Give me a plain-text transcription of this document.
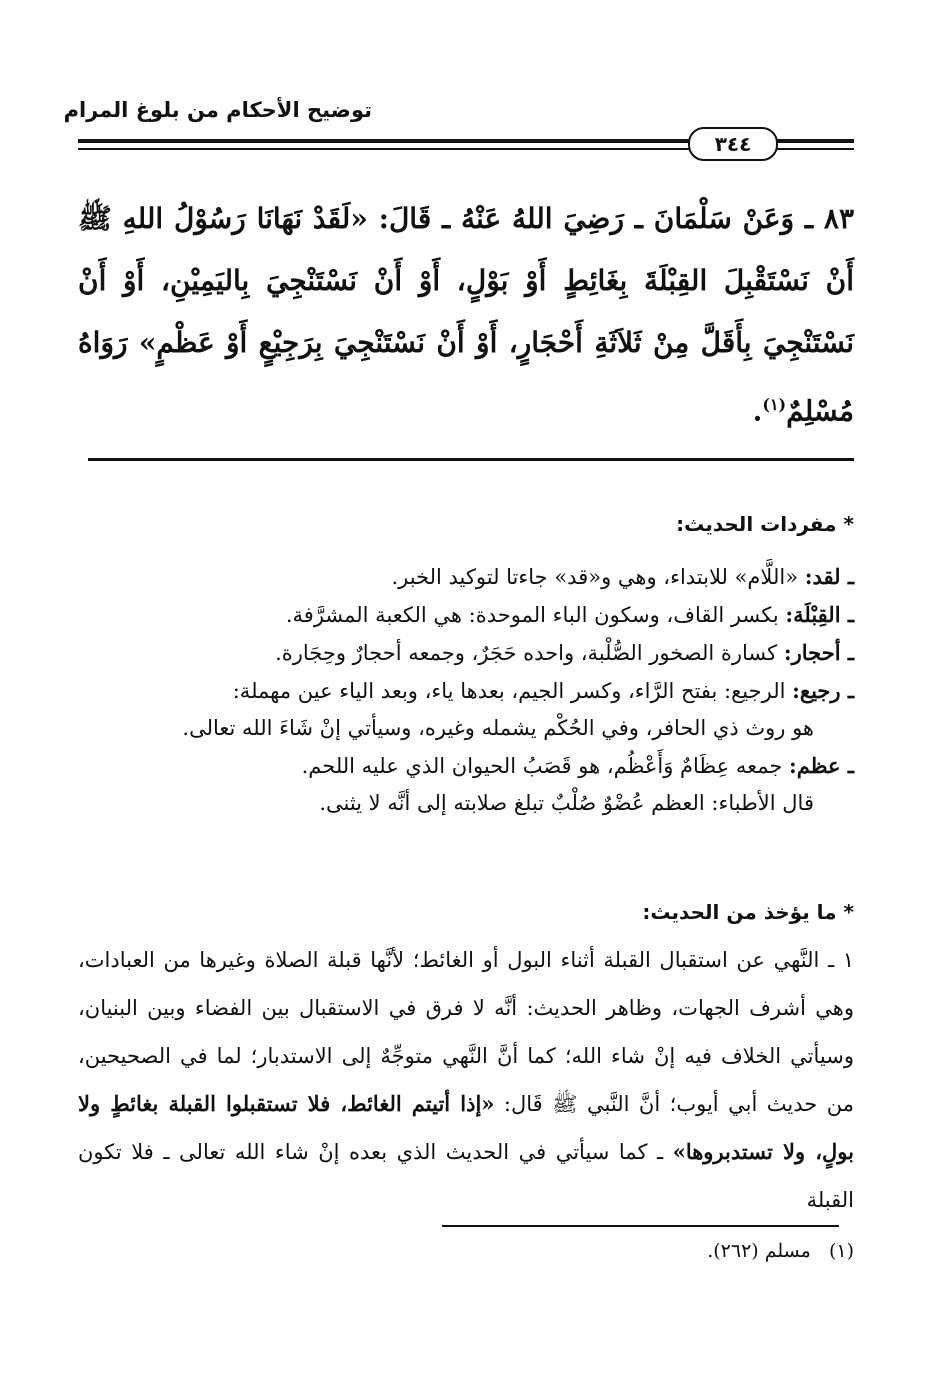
توضيح الأحكام من بلوغ المرام
٣٤٤
٨٣ ـ وَعَنْ سَلْمَانَ ـ رَضِيَ اللهُ عَنْهُ ـ قَالَ: «لَقَدْ نَهَانَا رَسُوْلُ اللهِ ﷺ أَنْ نَسْتَقْبِلَ القِبْلَةَ بِغَائِطٍ أَوْ بَوْلٍ، أَوْ أَنْ نَسْتَنْجِيَ بِاليَمِيْنِ، أَوْ أَنْ نَسْتَنْجِيَ بِأَقَلَّ مِنْ ثَلاَثَةِ أَحْجَارٍ، أَوْ أَنْ نَسْتَنْجِيَ بِرَجِيْعٍ أَوْ عَظْمٍ» رَوَاهُ مُسْلِمٌ$^{(١)}$.
* مفردات الحديث:
ـ لقد: «اللَّام» للابتداء، وهي و«قد» جاءتا لتوكيد الخبر.
ـ القِبْلَة: بكسر القاف، وسكون الباء الموحدة: هي الكعبة المشرَّفة.
ـ أحجار: كسارة الصخور الصُّلْبة، واحده حَجَرٌ، وجمعه أحجارٌ وحِجَارة.
ـ رجيع: الرجيع: بفتح الرَّاء، وكسر الجيم، بعدها ياء، وبعد الياء عين مهملة:
هو روث ذي الحافر، وفي الحُكْم يشمله وغيره، وسيأتي إنْ شَاءَ الله تعالى.
ـ عظم: جمعه عِظَامٌ وَأَعْظُم، هو قَصَبُ الحيوان الذي عليه اللحم.
قال الأطباء: العظم عُضْوٌ صُلْبٌ تبلغ صلابته إلى أنَّه لا يثنى.
* ما يؤخذ من الحديث:
١ ـ النَّهي عن استقبال القبلة أثناء البول أو الغائط؛ لأنَّها قبلة الصلاة وغيرها من العبادات، وهي أشرف الجهات، وظاهر الحديث: أنَّه لا فرق في الاستقبال بين الفضاء وبين البنيان، وسيأتي الخلاف فيه إنْ شاء الله؛ كما أنَّ النَّهي متوجِّهٌ إلى الاستدبار؛ لما في الصحيحين، من حديث أبي أيوب؛ أنَّ النَّبي ﷺ قَال: «إذا أتيتم الغائط، فلا تستقبلوا القبلة بغائطٍ ولا بولٍ، ولا تستدبروها» ـ كما سيأتي في الحديث الذي بعده إنْ شاء الله تعالى ـ فلا تكون القبلة
(١)   مسلم (٢٦٢).
